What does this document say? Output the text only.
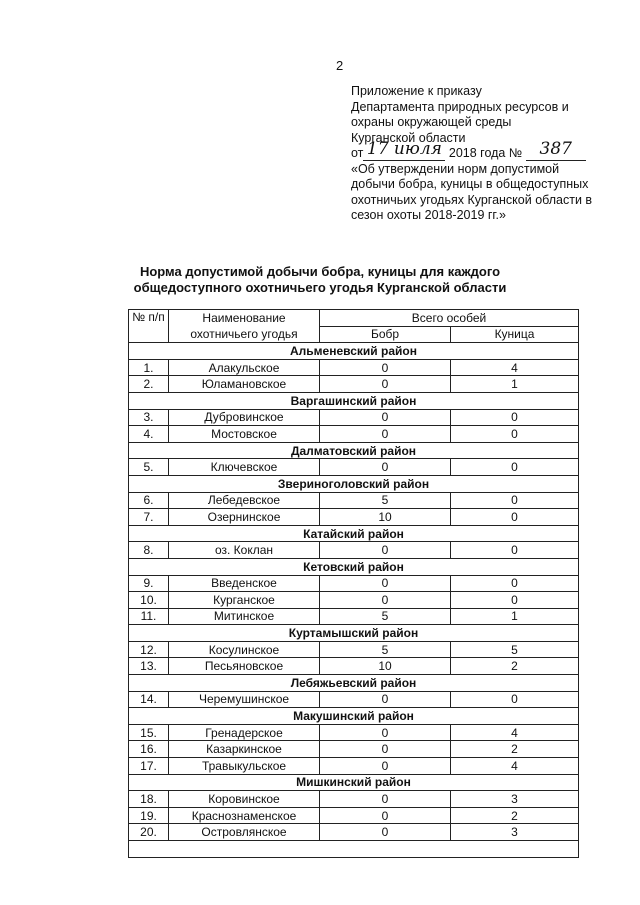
2
Приложение к приказу
Департамента природных ресурсов и
охраны окружающей среды
Курганской области
от 17 июля 2018 года № 387
«Об утверждении норм допустимой
добычи бобра, куницы в общедоступных
охотничьих угодьях Курганской области в
сезон охоты 2018-2019 гг.»
Норма допустимой добычи бобра, куницы для каждого
общедоступного охотничьего угодья Курганской области
№ п/п	Наименование	Всего особей	
	охотничьего угодья	Бобр	Куница
Альменевский район			
1.	Алакульское	0	4
2.	Юламановское	0	1
Варгашинский район			
3.	Дубровинское	0	0
4.	Мостовское	0	0
Далматовский район			
5.	Ключевское	0	0
Звериноголовский район			
6.	Лебедевское	5	0
7.	Озернинское	10	0
Катайский район			
8.	оз. Коклан	0	0
Кетовский район			
9.	Введенское	0	0
10.	Курганское	0	0
11.	Митинское	5	1
Куртамышский район			
12.	Косулинское	5	5
13.	Песьяновское	10	2
Лебяжьевский район			
14.	Черемушинское	0	0
Макушинский район			
15.	Гренадерское	0	4
16.	Казаркинское	0	2
17.	Травыкульское	0	4
Мишкинский район			
18.	Коровинское	0	3
19.	Краснознаменское	0	2
20.	Островлянское	0	3
